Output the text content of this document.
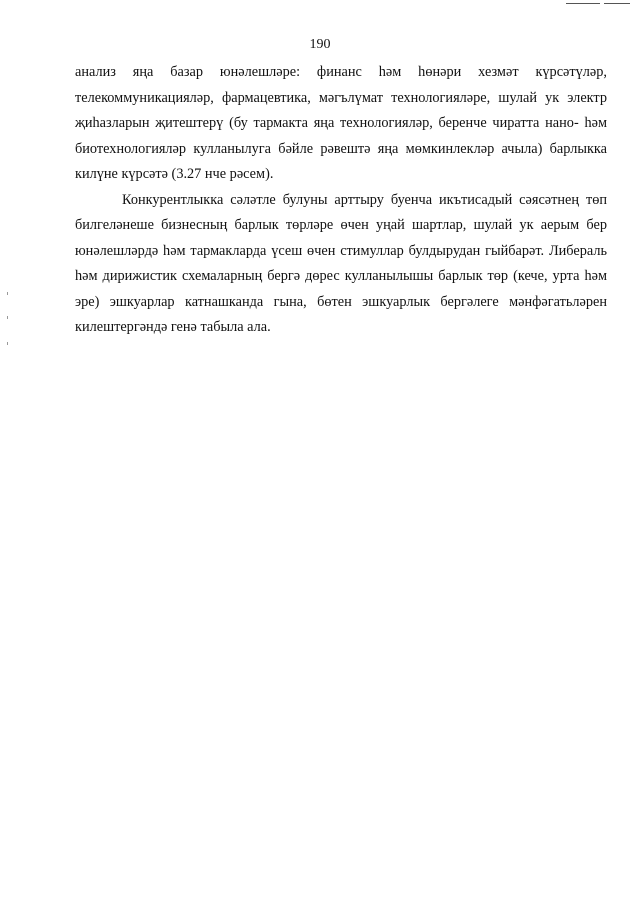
190

анализ яңа базар юнәлешләре: финанс һәм һөнәри хезмәт күрсәтүләр, телекоммуникацияләр, фармацевтика, мәгълүмат технологияләре, шулай ук электр җиһазларын җитештерү (бу тармакта яңа технологияләр, беренче чиратта нано- һәм биотехнологияләр кулланылуга бәйле рәвештә яңа мөмкинлекләр ачыла) барлыкка килүне күрсәтә (3.27 нче рәсем).

Конкурентлыкка сәләтле булуны арттыру буенча икътисадый сәясәтнең төп билгеләнеше бизнесның барлык төрләре өчен уңай шартлар, шулай ук аерым бер юнәлешләрдә һәм тармакларда үсеш өчен стимуллар булдырудан гыйбарәт. Либераль һәм дирижистик схемаларның бергә дөрес кулланылышы барлык төр (кече, урта һәм эре) эшкуарлар катнашканда гына, бөтен эшкуарлык бергәлеге мәнфәгатьләрен килештергәндә генә табыла ала.
